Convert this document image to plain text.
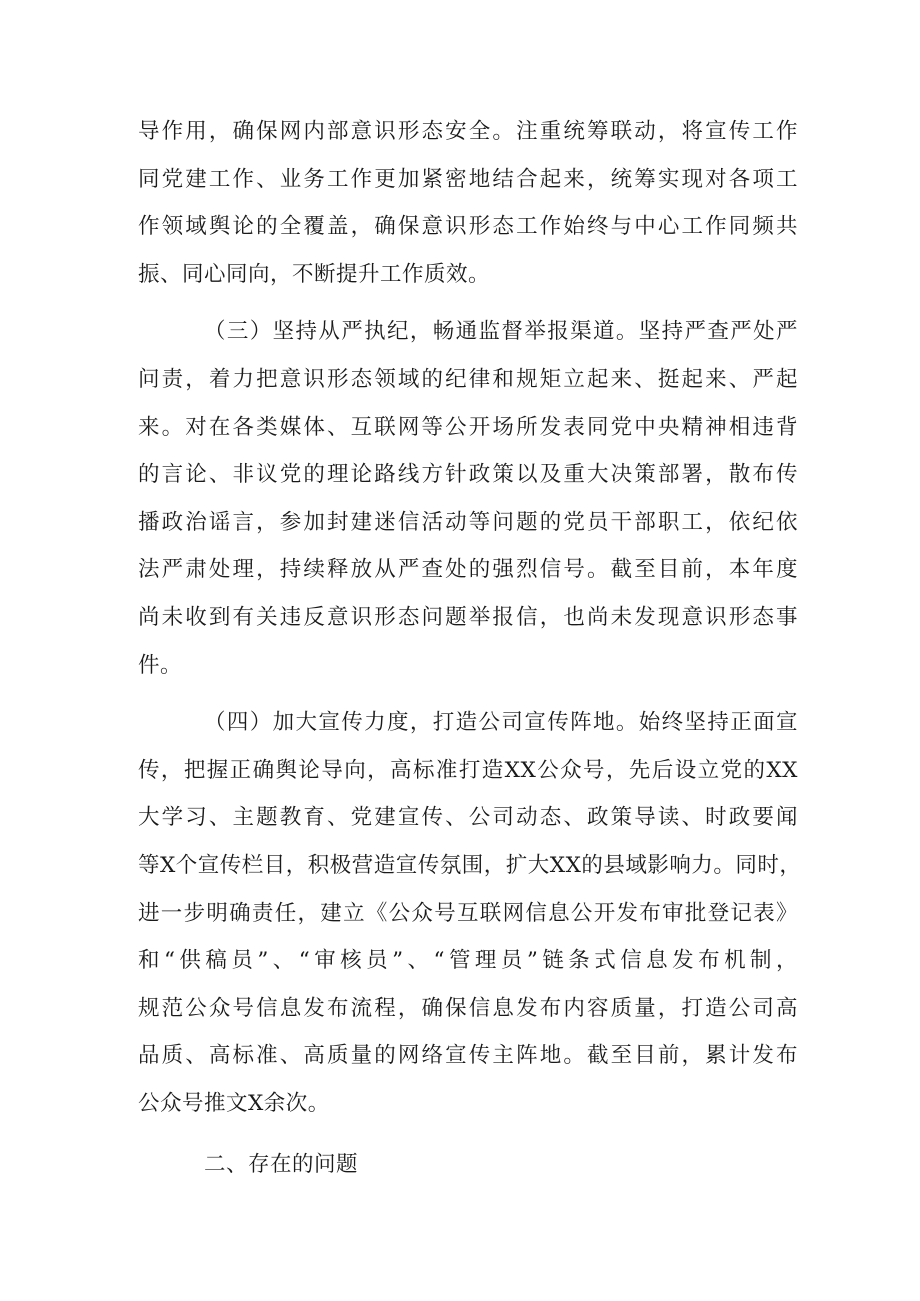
导作用，确保网内部意识形态安全。注重统筹联动，将宣传工作
同党建工作、业务工作更加紧密地结合起来，统筹实现对各项工
作领域舆论的全覆盖，确保意识形态工作始终与中心工作同频共
振、同心同向，不断提升工作质效。
（三）坚持从严执纪，畅通监督举报渠道。坚持严查严处严
问责，着力把意识形态领域的纪律和规矩立起来、挺起来、严起
来。对在各类媒体、互联网等公开场所发表同党中央精神相违背
的言论、非议党的理论路线方针政策以及重大决策部署，散布传
播政治谣言，参加封建迷信活动等问题的党员干部职工，依纪依
法严肃处理，持续释放从严查处的强烈信号。截至目前，本年度
尚未收到有关违反意识形态问题举报信，也尚未发现意识形态事
件。
（四）加大宣传力度，打造公司宣传阵地。始终坚持正面宣
传，把握正确舆论导向，高标准打造XX公众号，先后设立党的XX
大学习、主题教育、党建宣传、公司动态、政策导读、时政要闻
等X个宣传栏目，积极营造宣传氛围，扩大XX的县域影响力。同时，
进一步明确责任，建立《公众号互联网信息公开发布审批登记表》
和“供稿员”、“审核员”、“管理员”链条式信息发布机制，
规范公众号信息发布流程，确保信息发布内容质量，打造公司高
品质、高标准、高质量的网络宣传主阵地。截至目前，累计发布
公众号推文X余次。
二、存在的问题
